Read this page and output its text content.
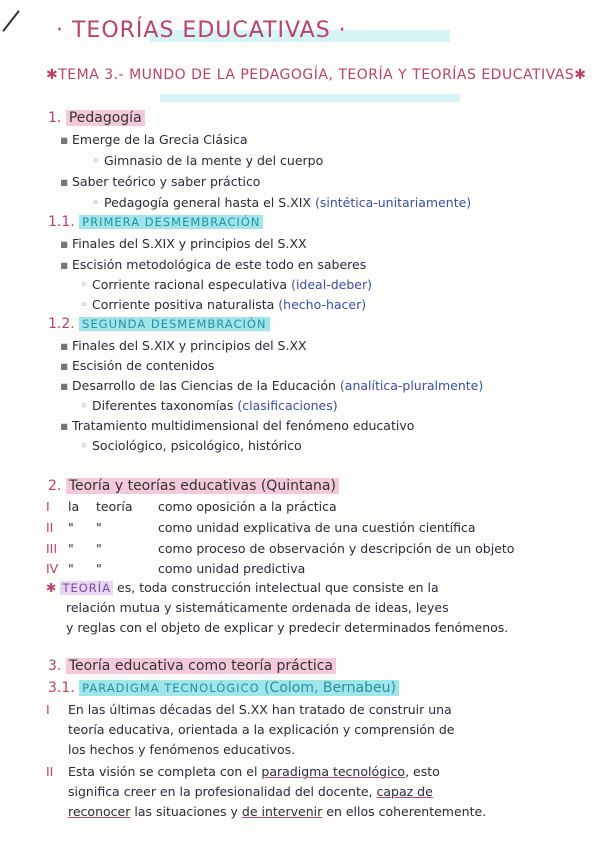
· TEORÍAS EDUCATIVAS ·
✱TEMA 3.- MUNDO DE LA PEDAGOGÍA, TEORÍA Y TEORÍAS EDUCATIVAS✱
1. Pedagogía
▪ Emerge de la Grecia Clásica
◦ Gimnasio de la mente y del cuerpo
▪ Saber teórico y saber práctico
◦ Pedagogía general hasta el S.XIX (sintética-unitariamente)
1.1. PRIMERA DESMEMBRACIÓN
▪ Finales del S.XIX y principios del S.XX
▪ Escisión metodológica de este todo en saberes
◦ Corriente racional especulativa (ideal-deber)
◦ Corriente positiva naturalista (hecho-hacer)
1.2. SEGUNDA DESMEMBRACIÓN
▪ Finales del S.XIX y principios del S.XX
▪ Escisión de contenidos
▪ Desarrollo de las Ciencias de la Educación (analítica-pluralmente)
◦ Diferentes taxonomías (clasificaciones)
▪ Tratamiento multidimensional del fenómeno educativo
◦ Sociológico, psicológico, histórico
2. Teoría y teorías educativas (Quintana)
I la teoría como oposición a la práctica
II " "	como unidad explicativa de una cuestión científica
III " "	como proceso de observación y descripción de un objeto
IV " "	como unidad predictiva
✱ TEORÍA es, toda construcción intelectual que consiste en la
relación mutua y sistemáticamente ordenada de ideas, leyes
y reglas con el objeto de explicar y predecir determinados fenómenos.
3. Teoría educativa como teoría práctica
3.1. PARADIGMA TECNOLÓGICO (Colom, Bernabeu)
I En las últimas décadas del S.XX han tratado de construir una
teoría educativa, orientada a la explicación y comprensión de
los hechos y fenómenos educativos.
II Esta visión se completa con el paradigma tecnológico, esto
significa creer en la profesionalidad del docente, capaz de
reconocer las situaciones y de intervenir en ellos coherentemente.
